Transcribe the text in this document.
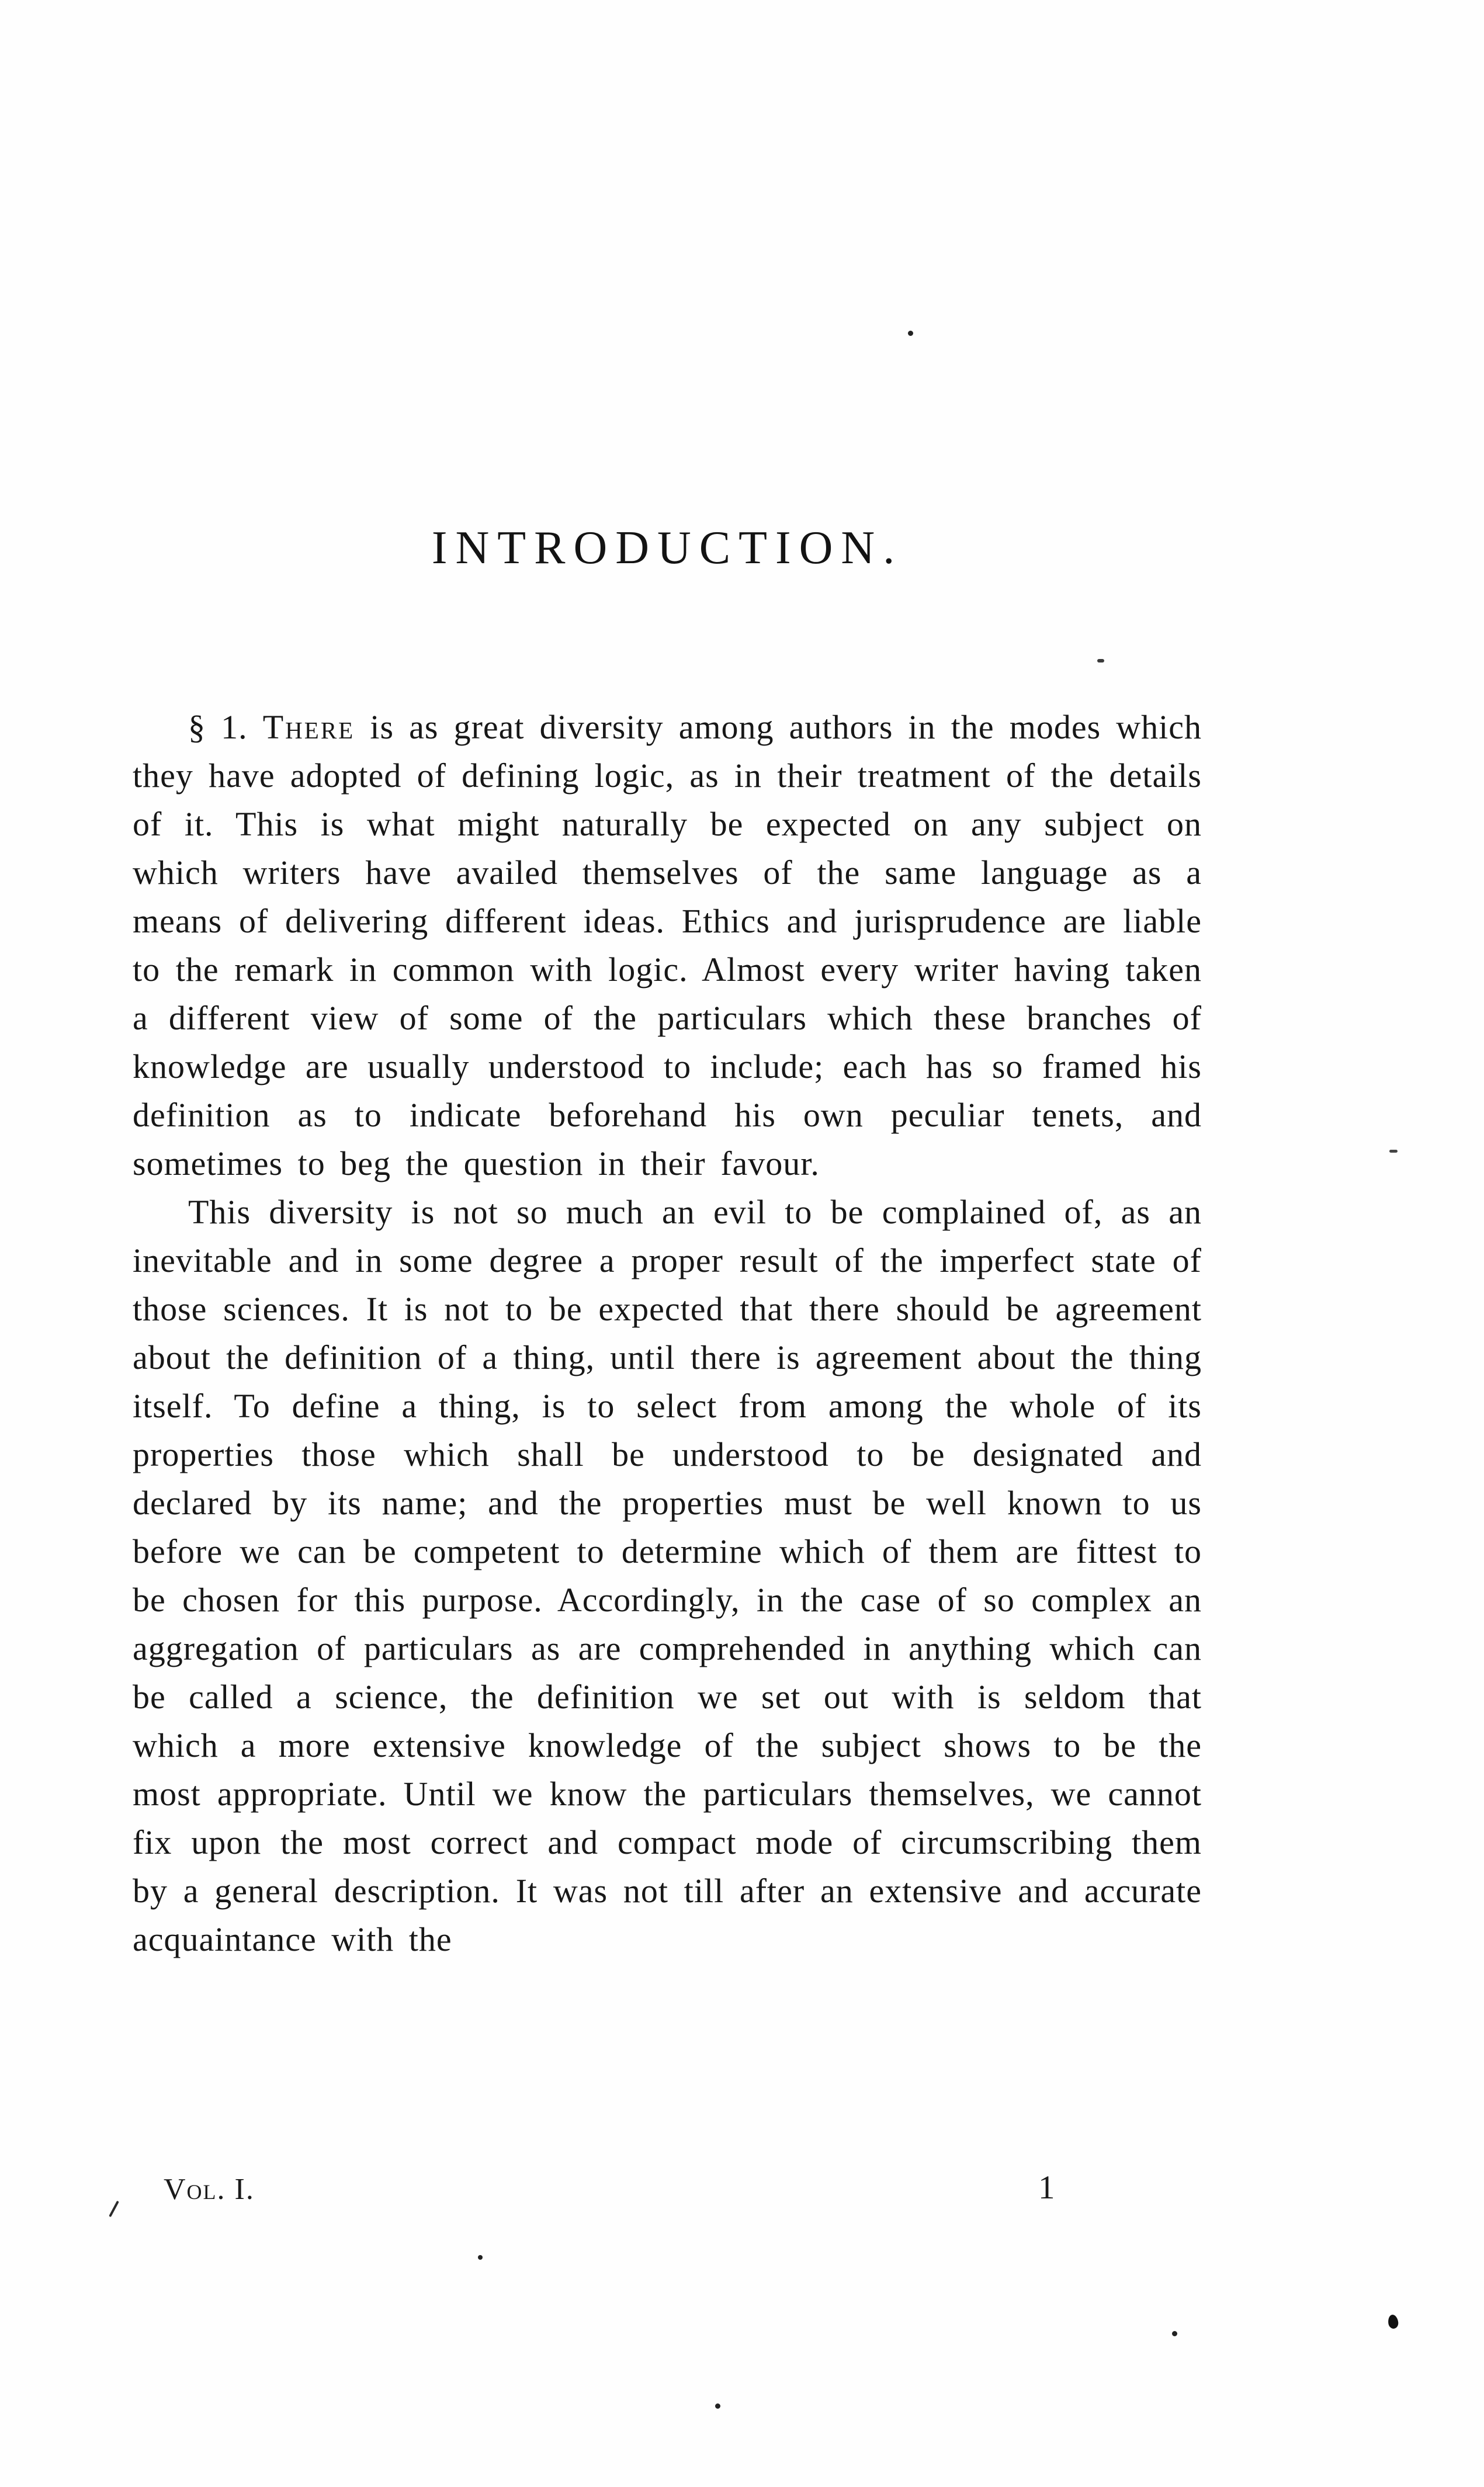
INTRODUCTION.

§ 1. There is as great diversity among authors in the modes which they have adopted of defining logic, as in their treatment of the details of it. This is what might naturally be expected on any subject on which writers have availed themselves of the same language as a means of delivering different ideas. Ethics and jurisprudence are liable to the remark in common with logic. Almost every writer having taken a different view of some of the particulars which these branches of knowledge are usually understood to include; each has so framed his definition as to indicate beforehand his own peculiar tenets, and sometimes to beg the question in their favour.

This diversity is not so much an evil to be complained of, as an inevitable and in some degree a proper result of the imperfect state of those sciences. It is not to be expected that there should be agreement about the definition of a thing, until there is agreement about the thing itself. To define a thing, is to select from among the whole of its properties those which shall be understood to be designated and declared by its name; and the properties must be well known to us before we can be competent to determine which of them are fittest to be chosen for this purpose. Accordingly, in the case of so complex an aggregation of particulars as are comprehended in anything which can be called a science, the definition we set out with is seldom that which a more extensive knowledge of the subject shows to be the most appropriate. Until we know the particulars themselves, we cannot fix upon the most correct and compact mode of circumscribing them by a general description. It was not till after an extensive and accurate acquaintance with the

Vol. I.	1
